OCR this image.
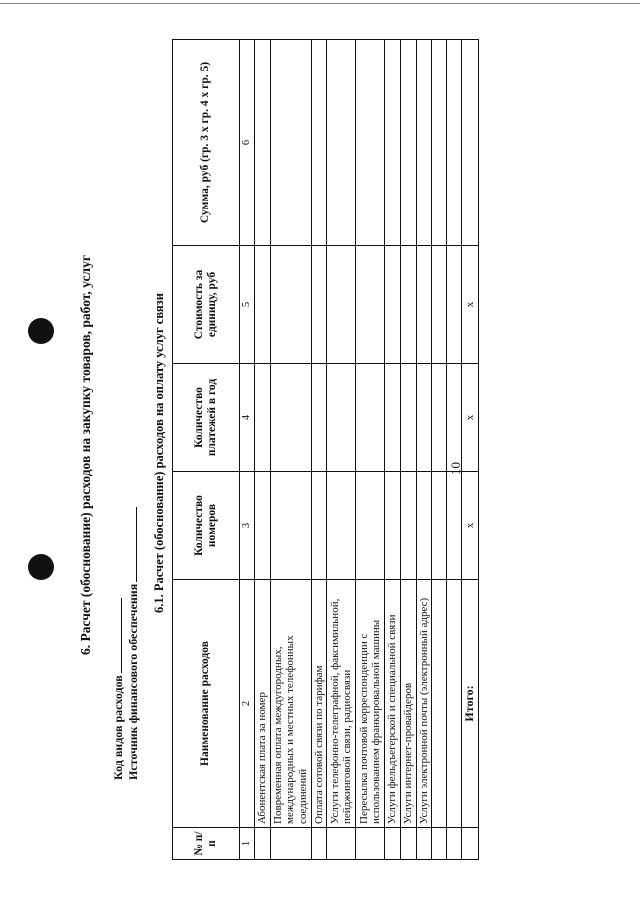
10
6. Расчет (обоснование) расходов на закупку товаров, работ, услуг
Код видов расходов Источник финансового обеспечения
6.1. Расчет (обоснование) расходов на оплату услуг связи
№ п/п	Наименование расходов	Количество номеров	Количество платежей в год	Стоимость за единицу, руб	Сумма, руб (гр. 3 х гр. 4 х гр. 5)
1	2	3	4	5	6
	Абонентская плата за номер				
	Повременная оплата междугородных, международных и местных телефонных соединений				
	Оплата сотовой связи по тарифам				
	Услуги телефонно-телеграфной, факсимильной, пейджинговой связи, радиосвязи				
	Пересылка почтовой корреспонденции с использованием франкировальной машины				
	Услуги фельдъегерской и специальной связи				
	Услуги интернет-провайдеров				
	Услуги электронной почты (электронный адрес)				

	Итого:	х	х	х	
